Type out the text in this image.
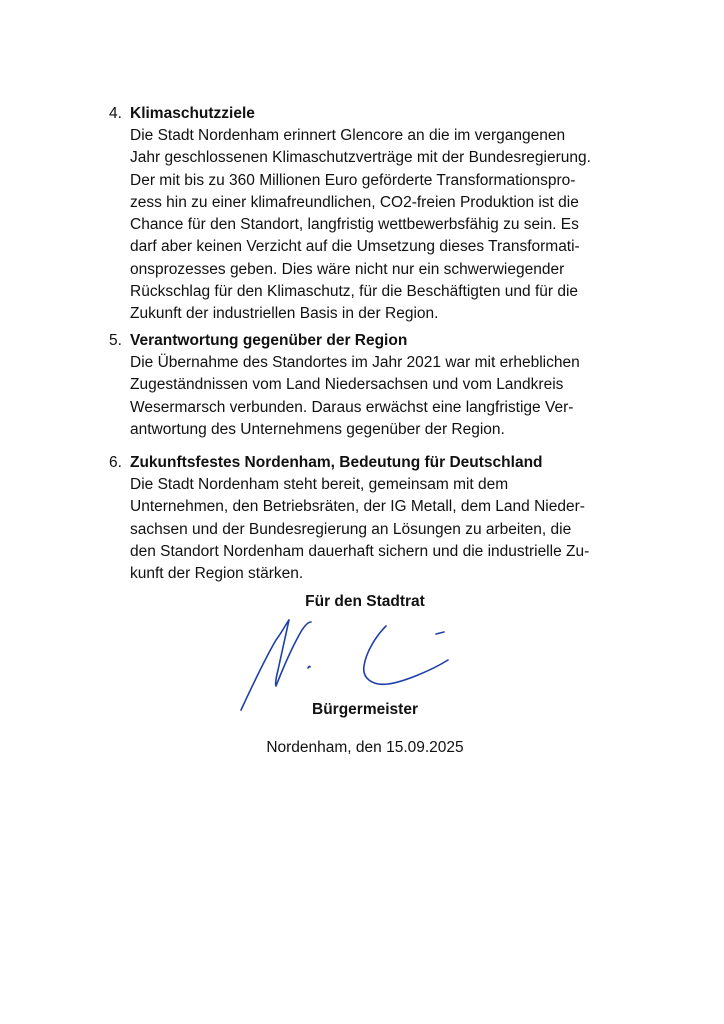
4. Klimaschutzziele
Die Stadt Nordenham erinnert Glencore an die im vergangenen
Jahr geschlossenen Klimaschutzverträge mit der Bundesregierung.
Der mit bis zu 360 Millionen Euro geförderte Transformationspro-
zess hin zu einer klimafreundlichen, CO2-freien Produktion ist die
Chance für den Standort, langfristig wettbewerbsfähig zu sein. Es
darf aber keinen Verzicht auf die Umsetzung dieses Transformati-
onsprozesses geben. Dies wäre nicht nur ein schwerwiegender
Rückschlag für den Klimaschutz, für die Beschäftigten und für die
Zukunft der industriellen Basis in der Region.
5. Verantwortung gegenüber der Region
Die Übernahme des Standortes im Jahr 2021 war mit erheblichen
Zugeständnissen vom Land Niedersachsen und vom Landkreis
Wesermarsch verbunden. Daraus erwächst eine langfristige Ver-
antwortung des Unternehmens gegenüber der Region.
6. Zukunftsfestes Nordenham, Bedeutung für Deutschland
Die Stadt Nordenham steht bereit, gemeinsam mit dem
Unternehmen, den Betriebsräten, der IG Metall, dem Land Nieder-
sachsen und der Bundesregierung an Lösungen zu arbeiten, die
den Standort Nordenham dauerhaft sichern und die industrielle Zu-
kunft der Region stärken.
Für den Stadtrat
Bürgermeister
Nordenham, den 15.09.2025
